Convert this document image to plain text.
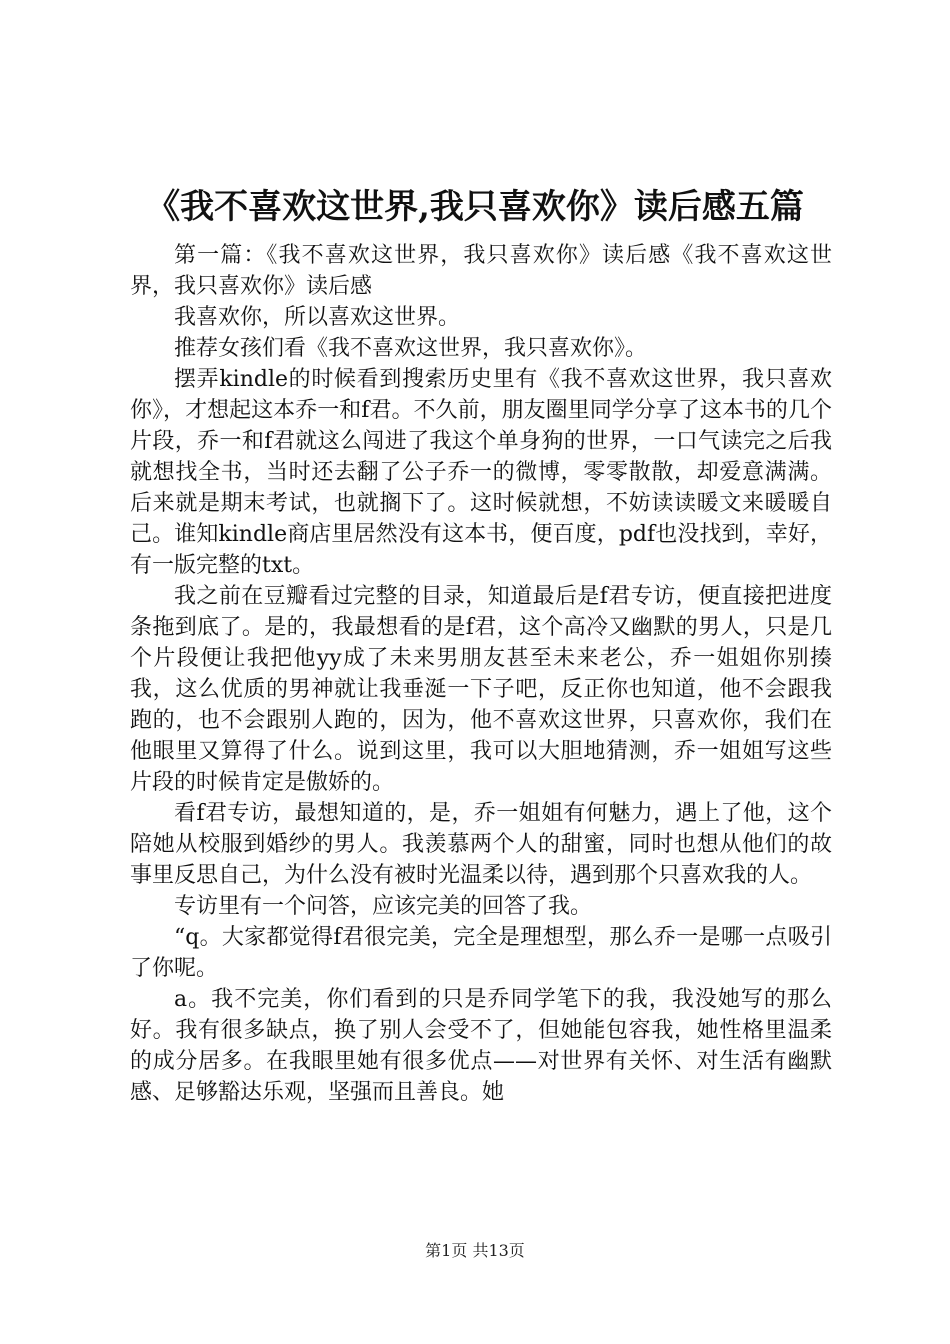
《我不喜欢这世界,我只喜欢你》读后感五篇

第一篇：《我不喜欢这世界，我只喜欢你》读后感《我不喜欢这世界，我只喜欢你》读后感

我喜欢你，所以喜欢这世界。

推荐女孩们看《我不喜欢这世界，我只喜欢你》。

摆弄kindle的时候看到搜索历史里有《我不喜欢这世界，我只喜欢你》，才想起这本乔一和f君。不久前，朋友圈里同学分享了这本书的几个片段，乔一和f君就这么闯进了我这个单身狗的世界，一口气读完之后我就想找全书，当时还去翻了公子乔一的微博，零零散散，却爱意满满。后来就是期末考试，也就搁下了。这时候就想，不妨读读暖文来暖暖自己。谁知kindle商店里居然没有这本书，便百度，pdf也没找到，幸好，有一版完整的txt。

我之前在豆瓣看过完整的目录，知道最后是f君专访，便直接把进度条拖到底了。是的，我最想看的是f君，这个高冷又幽默的男人，只是几个片段便让我把他yy成了未来男朋友甚至未来老公，乔一姐姐你别揍我，这么优质的男神就让我垂涎一下子吧，反正你也知道，他不会跟我跑的，也不会跟别人跑的，因为，他不喜欢这世界，只喜欢你，我们在他眼里又算得了什么。说到这里，我可以大胆地猜测，乔一姐姐写这些片段的时候肯定是傲娇的。

看f君专访，最想知道的，是，乔一姐姐有何魅力，遇上了他，这个陪她从校服到婚纱的男人。我羡慕两个人的甜蜜，同时也想从他们的故事里反思自己，为什么没有被时光温柔以待，遇到那个只喜欢我的人。

专访里有一个问答，应该完美的回答了我。

“q。大家都觉得f君很完美，完全是理想型，那么乔一是哪一点吸引了你呢。

a。我不完美，你们看到的只是乔同学笔下的我，我没她写的那么好。我有很多缺点，换了别人会受不了，但她能包容我，她性格里温柔的成分居多。在我眼里她有很多优点——对世界有关怀、对生活有幽默感、足够豁达乐观，坚强而且善良。她

第1页 共13页
